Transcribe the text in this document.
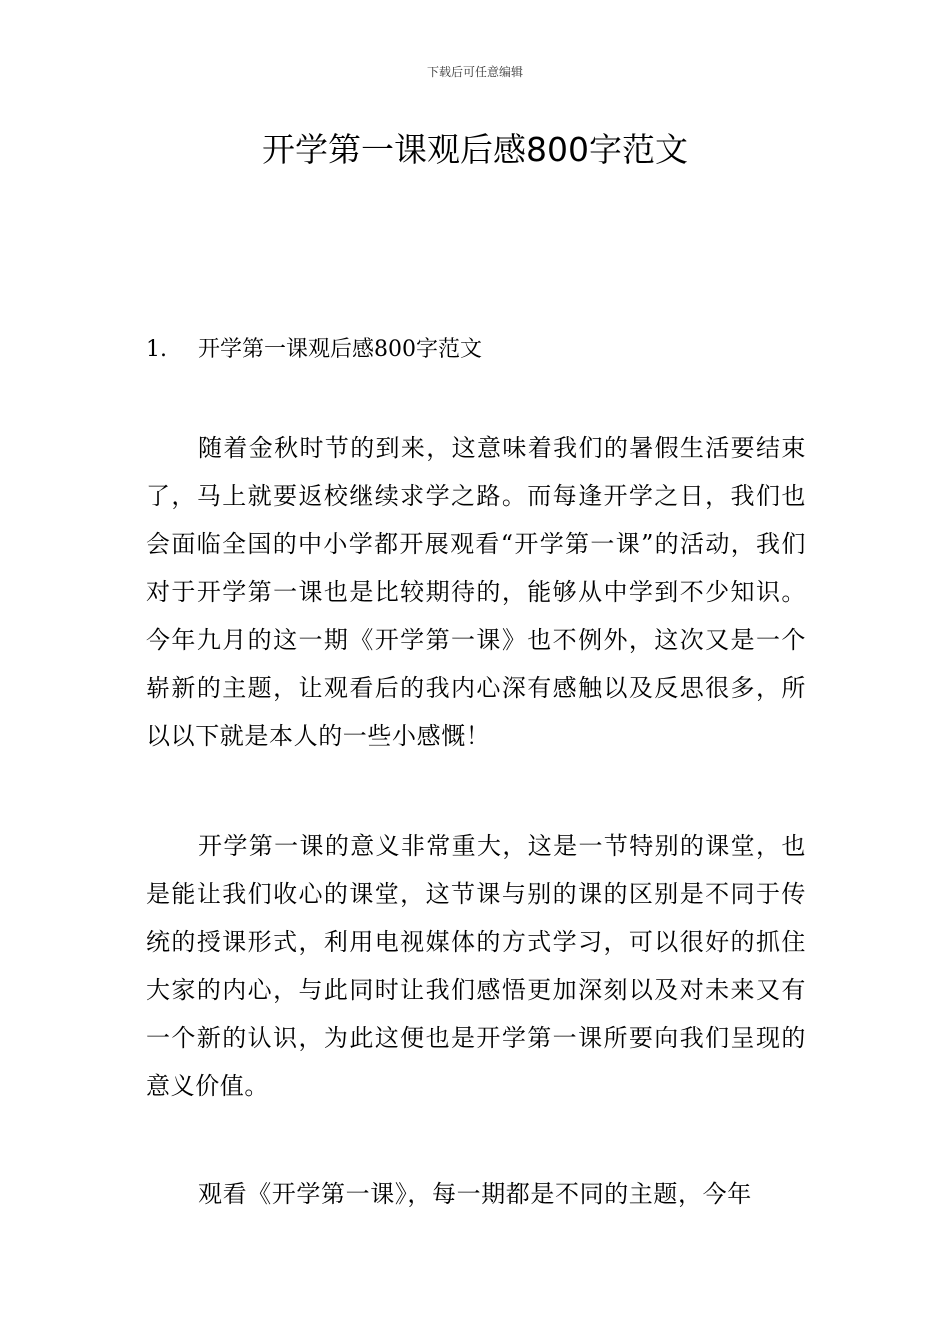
下载后可任意编辑
开学第一课观后感800字范文
1. 开学第一课观后感800字范文

随着金秋时节的到来，这意味着我们的暑假生活要结束了，马上就要返校继续求学之路。而每逢开学之日，我们也会面临全国的中小学都开展观看“开学第一课”的活动，我们对于开学第一课也是比较期待的，能够从中学到不少知识。今年九月的这一期《开学第一课》也不例外，这次又是一个崭新的主题，让观看后的我内心深有感触以及反思很多，所以以下就是本人的一些小感慨！

开学第一课的意义非常重大，这是一节特别的课堂，也是能让我们收心的课堂，这节课与别的课的区别是不同于传统的授课形式，利用电视媒体的方式学习，可以很好的抓住大家的内心，与此同时让我们感悟更加深刻以及对未来又有一个新的认识，为此这便也是开学第一课所要向我们呈现的意义价值。

观看《开学第一课》，每一期都是不同的主题，今年
